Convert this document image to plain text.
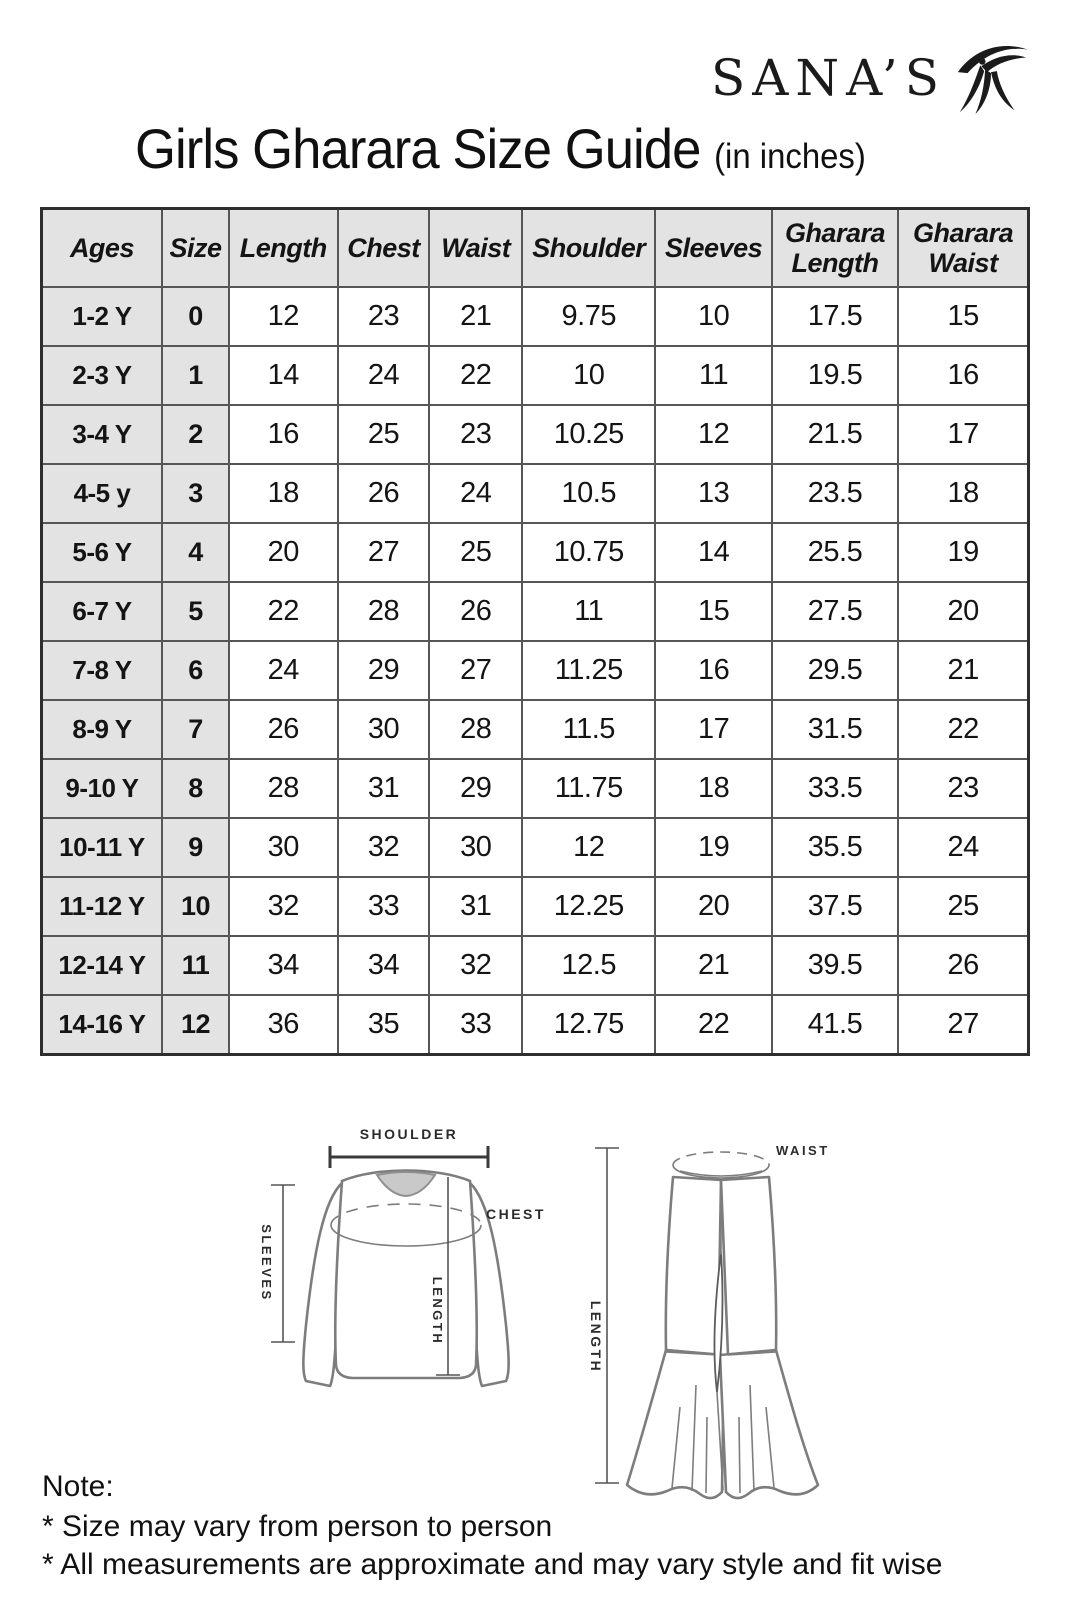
SANA’S
Girls Gharara Size Guide (in inches)
Ages	Size	Length	Chest	Waist	Shoulder	Sleeves	Gharara Length	Gharara Waist
1-2 Y	0	12	23	21	9.75	10	17.5	15
2-3 Y	1	14	24	22	10	11	19.5	16
3-4 Y	2	16	25	23	10.25	12	21.5	17
4-5 y	3	18	26	24	10.5	13	23.5	18
5-6 Y	4	20	27	25	10.75	14	25.5	19
6-7 Y	5	22	28	26	11	15	27.5	20
7-8 Y	6	24	29	27	11.25	16	29.5	21
8-9 Y	7	26	30	28	11.5	17	31.5	22
9-10 Y	8	28	31	29	11.75	18	33.5	23
10-11 Y	9	30	32	30	12	19	35.5	24
11-12 Y	10	32	33	31	12.25	20	37.5	25
12-14 Y	11	34	34	32	12.5	21	39.5	26
14-16 Y	12	36	35	33	12.75	22	41.5	27
SHOULDER
SLEEVES
CHEST
LENGTH	LENGTH
WAIST
Note:
* Size may vary from person to person
* All measurements are approximate and may vary style and fit wise
